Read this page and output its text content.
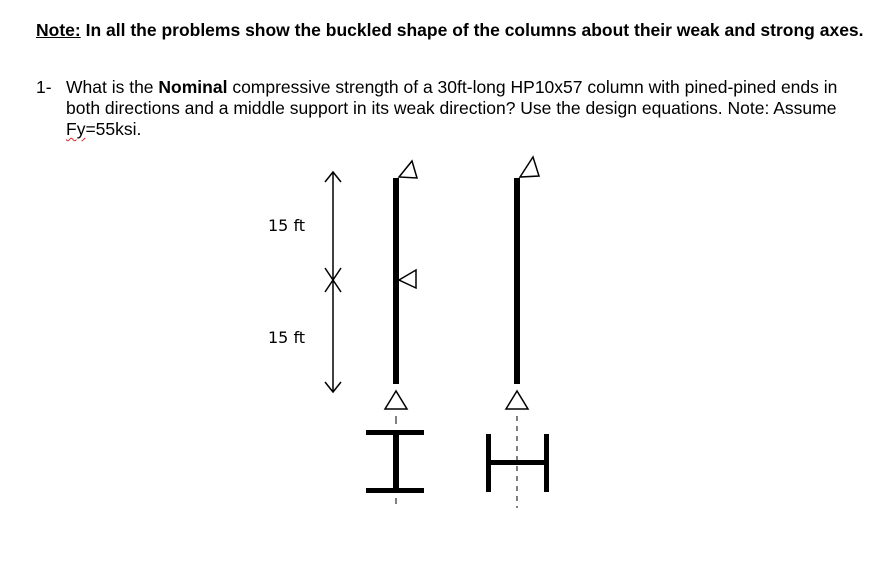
Note: In all the problems show the buckled shape of the columns about their weak and strong axes.
1- What is the Nominal compressive strength of a 30ft-long HP10x57 column with pined-pined ends in both directions and a middle support in its weak direction? Use the design equations. Note: Assume Fy=55ksi.
15 ft
15 ft
